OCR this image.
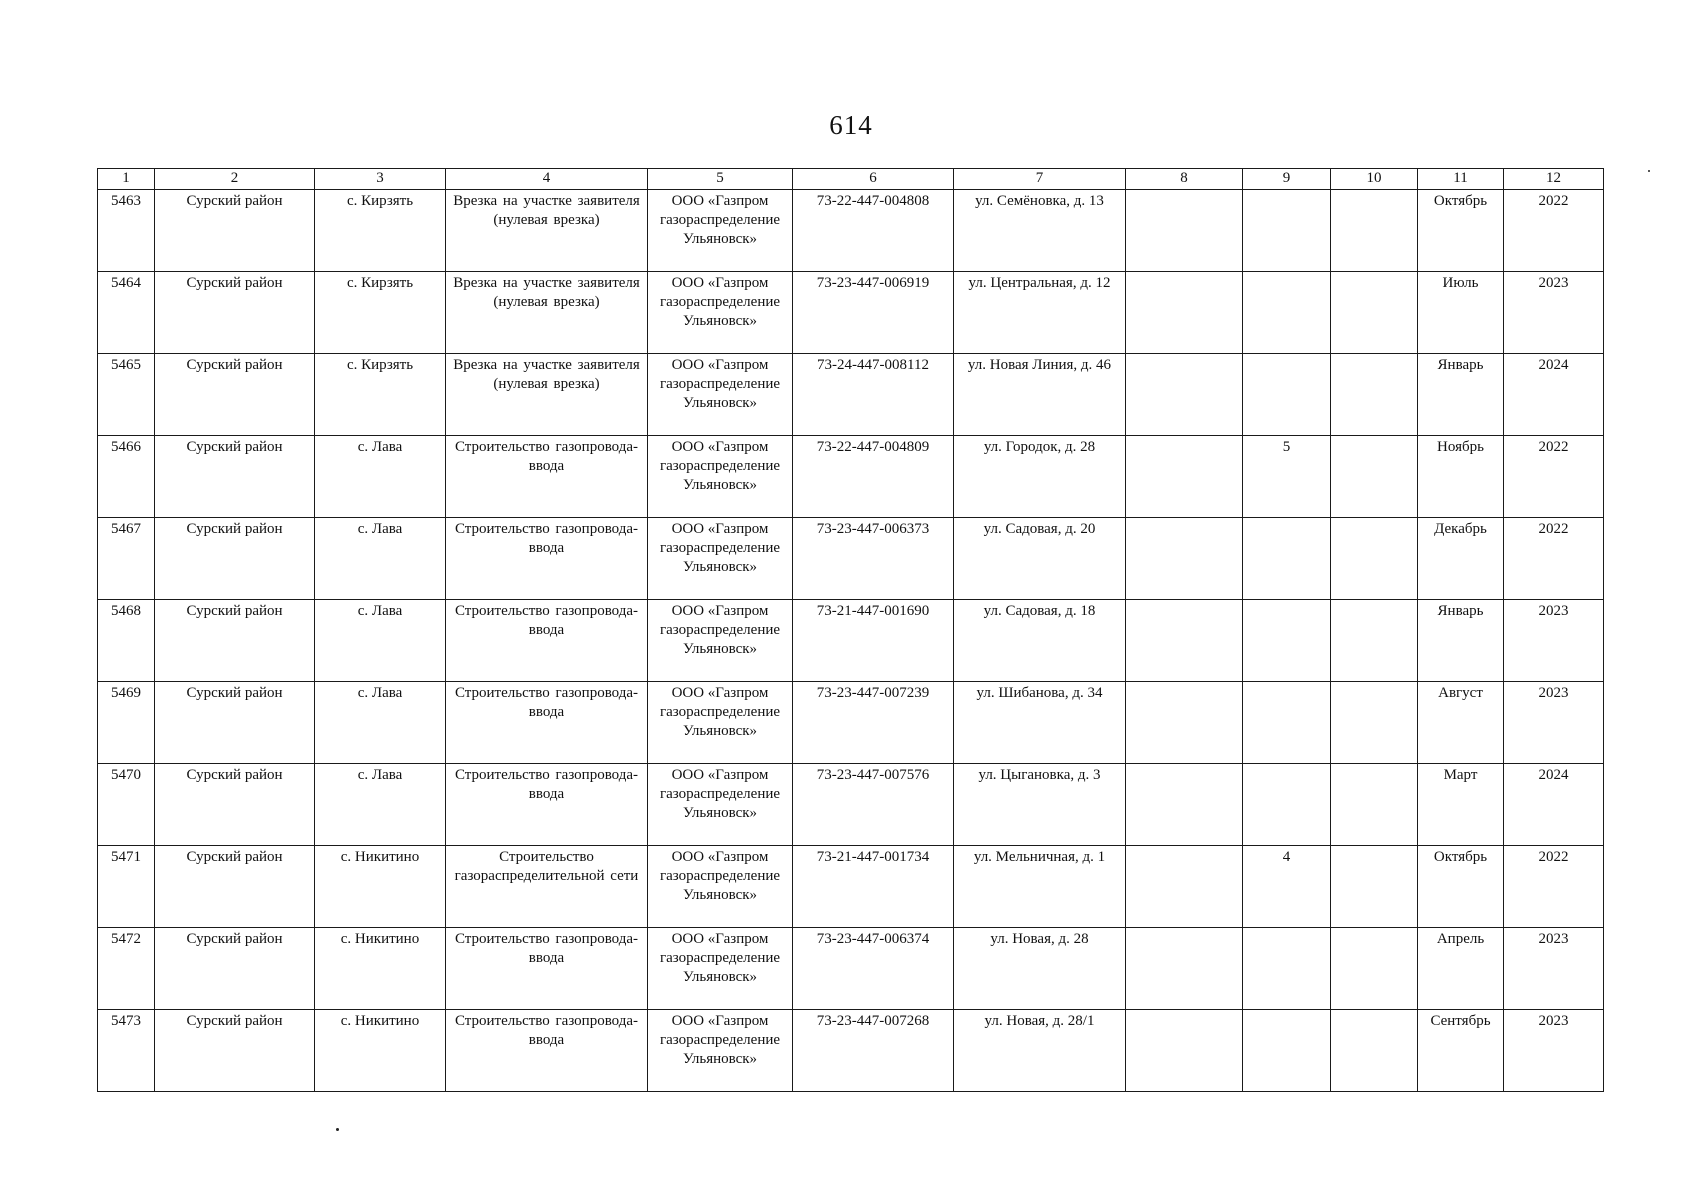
614
1	2	3	4	5	6	7	8	9	10	11	12
5463	Сурский район	с. Кирзять	Врезка на участке заявителя (нулевая врезка)	ООО «Газпром газораспределение Ульяновск»	73-22-447-004808	ул. Семёновка, д. 13				Октябрь	2022
5464	Сурский район	с. Кирзять	Врезка на участке заявителя (нулевая врезка)	ООО «Газпром газораспределение Ульяновск»	73-23-447-006919	ул. Центральная, д. 12				Июль	2023
5465	Сурский район	с. Кирзять	Врезка на участке заявителя (нулевая врезка)	ООО «Газпром газораспределение Ульяновск»	73-24-447-008112	ул. Новая Линия, д. 46				Январь	2024
5466	Сурский район	с. Лава	Строительство газопровода-ввода	ООО «Газпром газораспределение Ульяновск»	73-22-447-004809	ул. Городок, д. 28		5		Ноябрь	2022
5467	Сурский район	с. Лава	Строительство газопровода-ввода	ООО «Газпром газораспределение Ульяновск»	73-23-447-006373	ул. Садовая, д. 20				Декабрь	2022
5468	Сурский район	с. Лава	Строительство газопровода-ввода	ООО «Газпром газораспределение Ульяновск»	73-21-447-001690	ул. Садовая, д. 18				Январь	2023
5469	Сурский район	с. Лава	Строительство газопровода-ввода	ООО «Газпром газораспределение Ульяновск»	73-23-447-007239	ул. Шибанова, д. 34				Август	2023
5470	Сурский район	с. Лава	Строительство газопровода-ввода	ООО «Газпром газораспределение Ульяновск»	73-23-447-007576	ул. Цыгановка, д. 3				Март	2024
5471	Сурский район	с. Никитино	Строительство газораспределительной сети	ООО «Газпром газораспределение Ульяновск»	73-21-447-001734	ул. Мельничная, д. 1		4		Октябрь	2022
5472	Сурский район	с. Никитино	Строительство газопровода-ввода	ООО «Газпром газораспределение Ульяновск»	73-23-447-006374	ул. Новая, д. 28				Апрель	2023
5473	Сурский район	с. Никитино	Строительство газопровода-ввода	ООО «Газпром газораспределение Ульяновск»	73-23-447-007268	ул. Новая, д. 28/1				Сентябрь	2023
